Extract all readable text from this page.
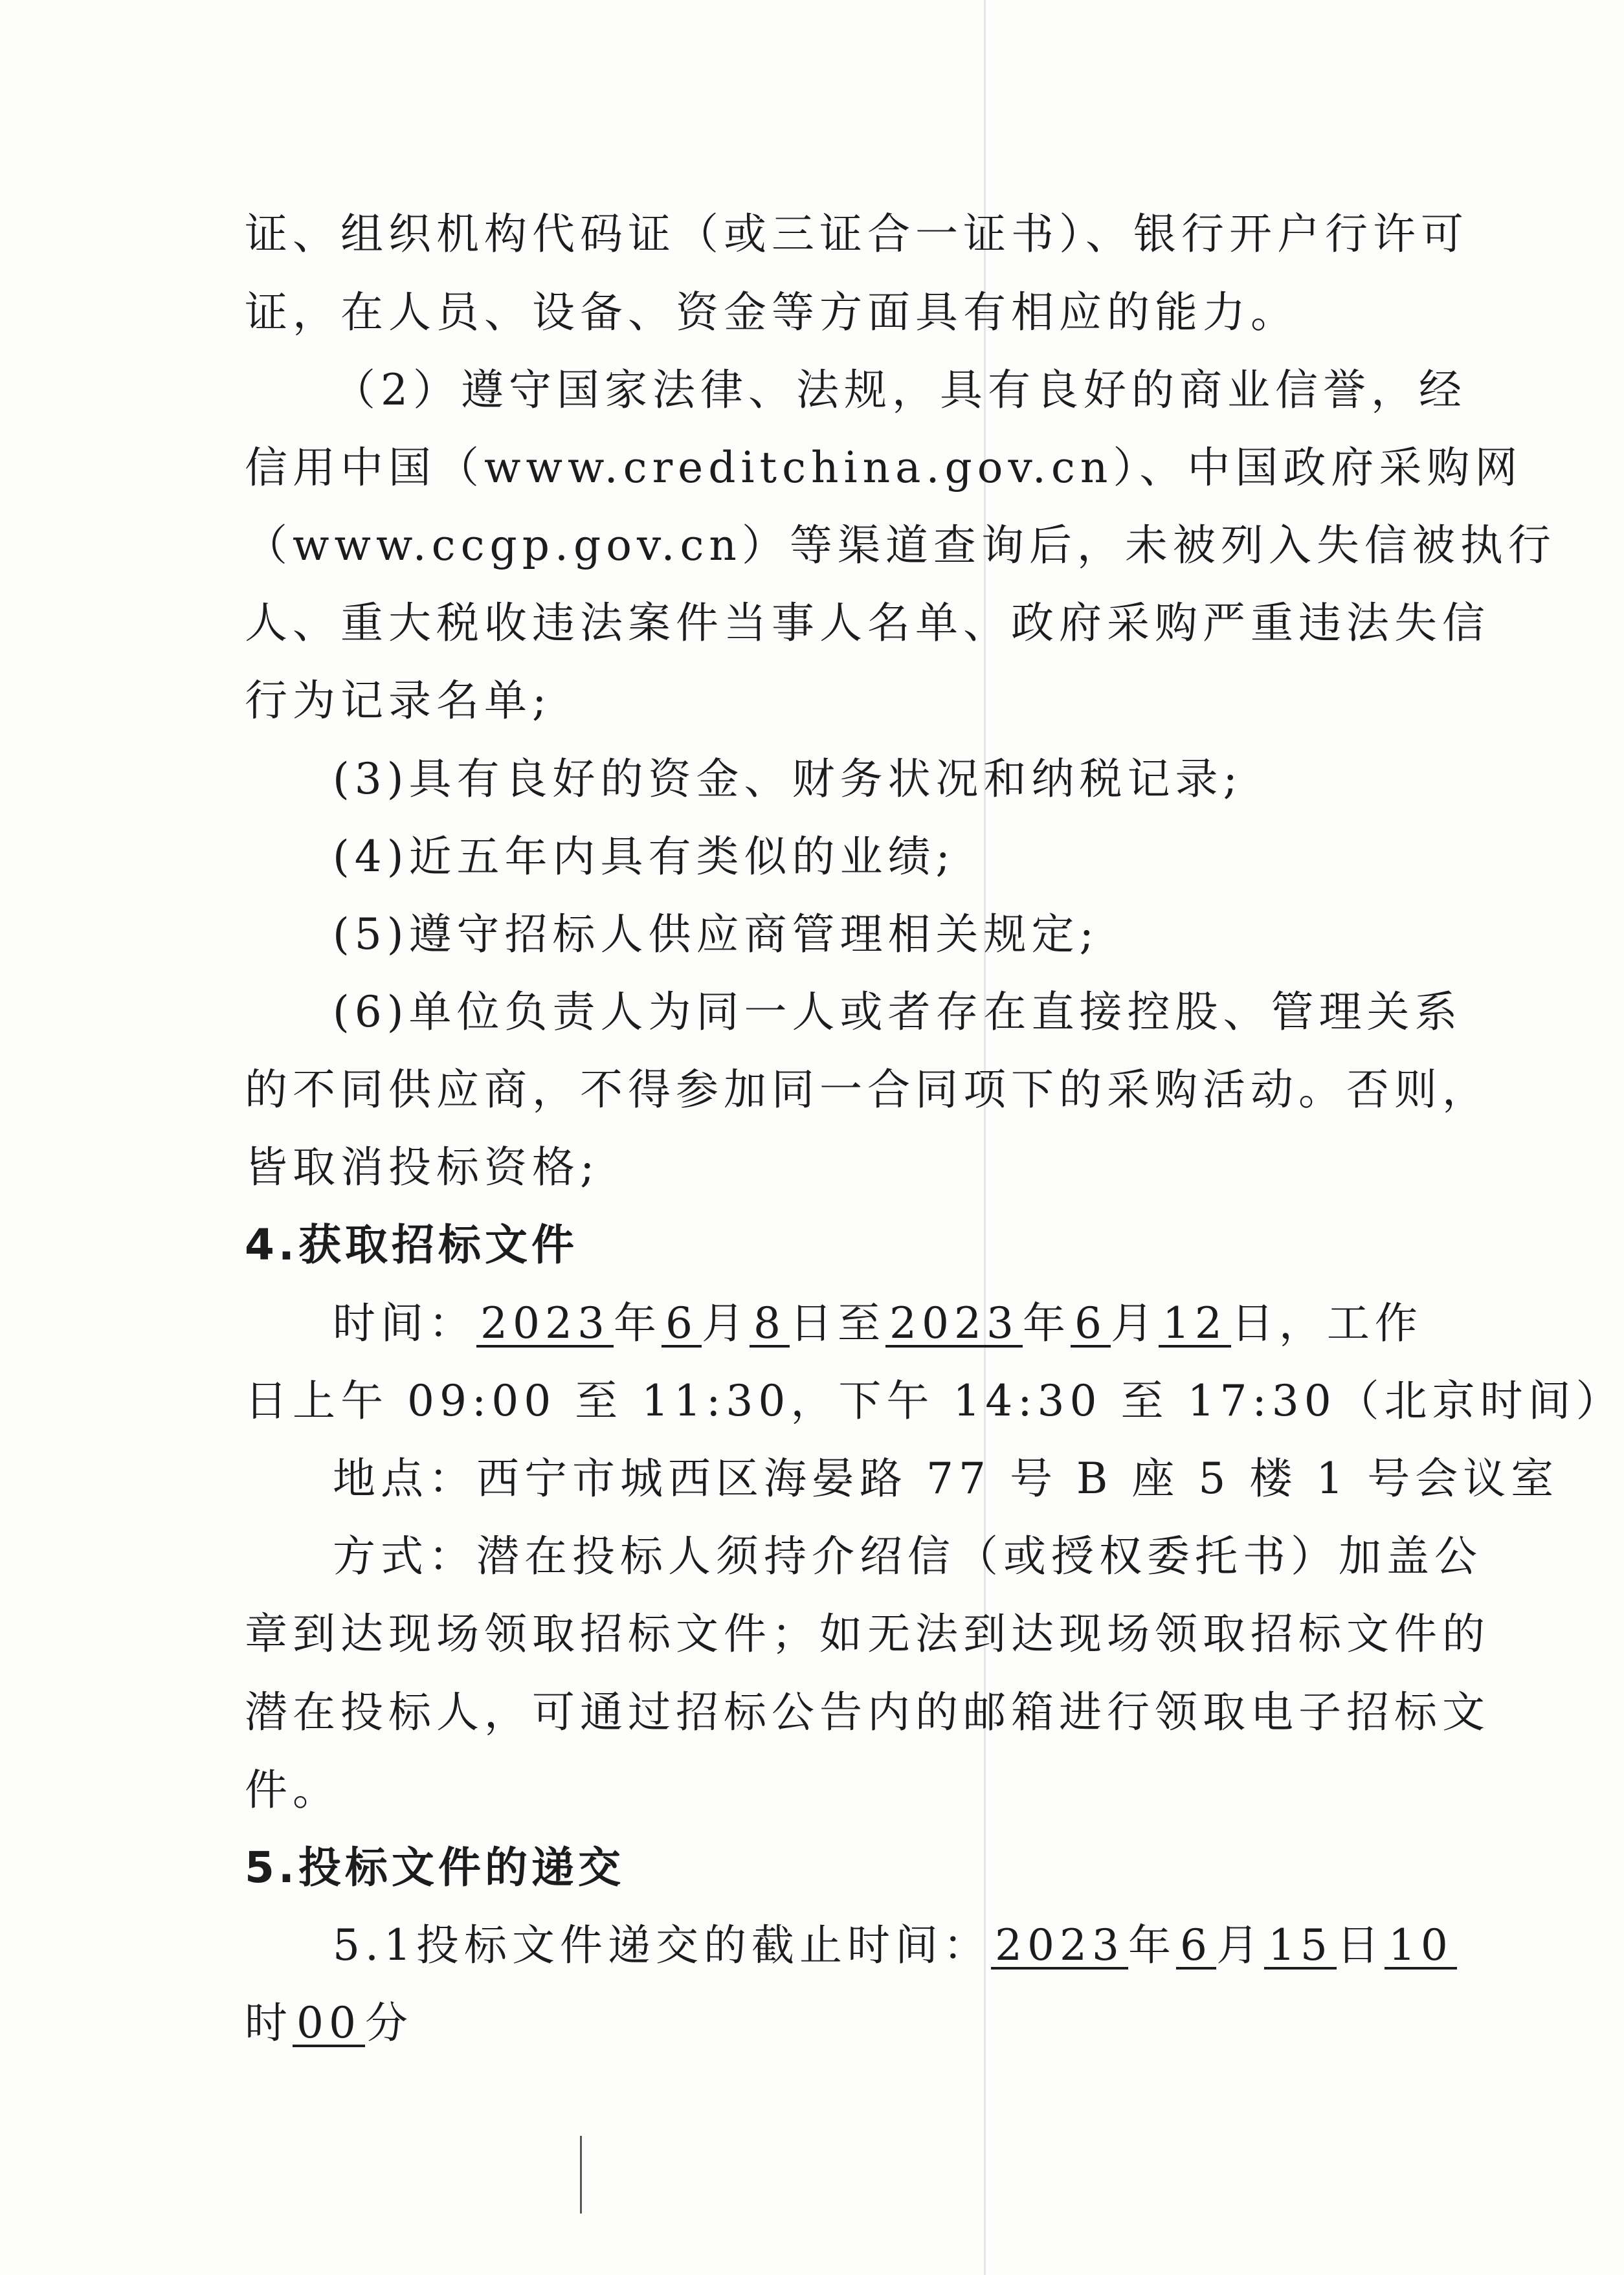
证、组织机构代码证（或三证合一证书）、银行开户行许可
证，在人员、设备、资金等方面具有相应的能力。
（2）遵守国家法律、法规，具有良好的商业信誉，经
信用中国（www.creditchina.gov.cn）、中国政府采购网
（www.ccgp.gov.cn）等渠道查询后，未被列入失信被执行
人、重大税收违法案件当事人名单、政府采购严重违法失信
行为记录名单;
(3)具有良好的资金、财务状况和纳税记录;
(4)近五年内具有类似的业绩;
(5)遵守招标人供应商管理相关规定;
(6)单位负责人为同一人或者存在直接控股、管理关系
的不同供应商，不得参加同一合同项下的采购活动。否则，
皆取消投标资格;
4.获取招标文件
时间：2023年6月8日至2023年6月12日，工作
日上午 09:00 至 11:30，下午 14:30 至 17:30（北京时间）
地点：西宁市城西区海晏路 77 号 B 座 5 楼 1 号会议室
方式：潜在投标人须持介绍信（或授权委托书）加盖公
章到达现场领取招标文件；如无法到达现场领取招标文件的
潜在投标人，可通过招标公告内的邮箱进行领取电子招标文
件。
5.投标文件的递交
5.1投标文件递交的截止时间：2023年6月15日10
时00分
